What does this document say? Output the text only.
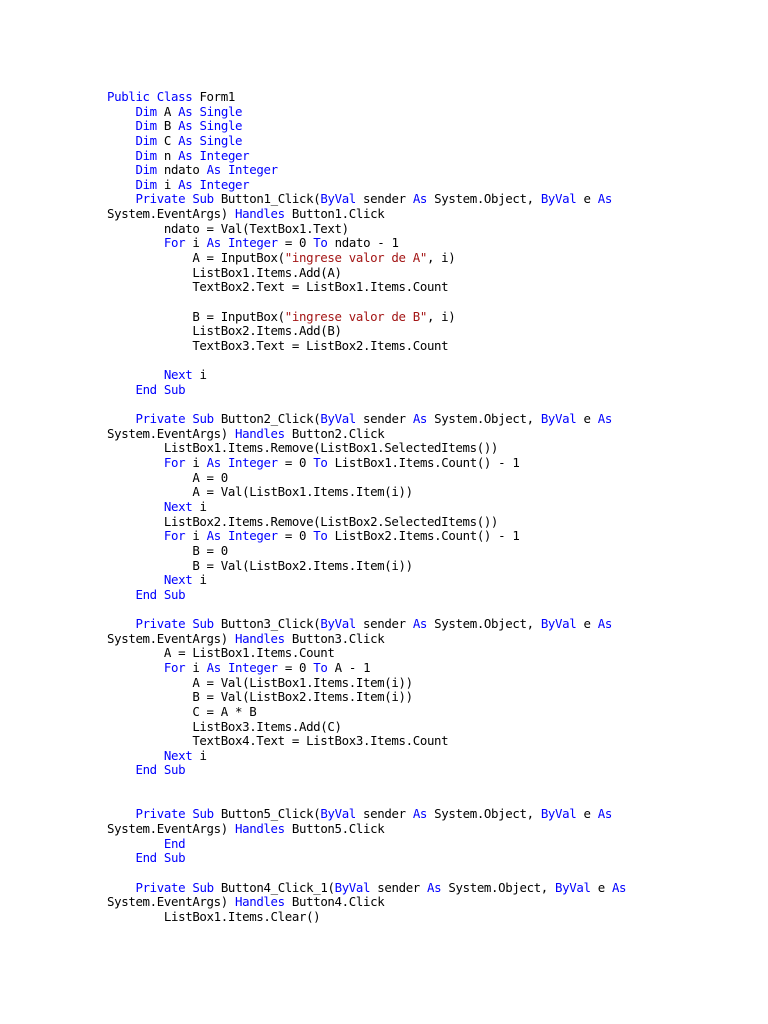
Public Class Form1
Dim A As Single
Dim B As Single
Dim C As Single
Dim n As Integer
Dim ndato As Integer
Dim i As Integer
Private Sub Button1_Click(ByVal sender As System.Object, ByVal e As
System.EventArgs) Handles Button1.Click
ndato = Val(TextBox1.Text)
For i As Integer = 0 To ndato - 1
A = InputBox("ingrese valor de A", i)
ListBox1.Items.Add(A)
TextBox2.Text = ListBox1.Items.Count

B = InputBox("ingrese valor de B", i)
ListBox2.Items.Add(B)
TextBox3.Text = ListBox2.Items.Count

Next i
End Sub

Private Sub Button2_Click(ByVal sender As System.Object, ByVal e As
System.EventArgs) Handles Button2.Click
ListBox1.Items.Remove(ListBox1.SelectedItems())
For i As Integer = 0 To ListBox1.Items.Count() - 1
A = 0
A = Val(ListBox1.Items.Item(i))
Next i
ListBox2.Items.Remove(ListBox2.SelectedItems())
For i As Integer = 0 To ListBox2.Items.Count() - 1
B = 0
B = Val(ListBox2.Items.Item(i))
Next i
End Sub

Private Sub Button3_Click(ByVal sender As System.Object, ByVal e As
System.EventArgs) Handles Button3.Click
A = ListBox1.Items.Count
For i As Integer = 0 To A - 1
A = Val(ListBox1.Items.Item(i))
B = Val(ListBox2.Items.Item(i))
C = A * B
ListBox3.Items.Add(C)
TextBox4.Text = ListBox3.Items.Count
Next i
End Sub

Private Sub Button5_Click(ByVal sender As System.Object, ByVal e As
System.EventArgs) Handles Button5.Click
End
End Sub

Private Sub Button4_Click_1(ByVal sender As System.Object, ByVal e As
System.EventArgs) Handles Button4.Click
ListBox1.Items.Clear()
